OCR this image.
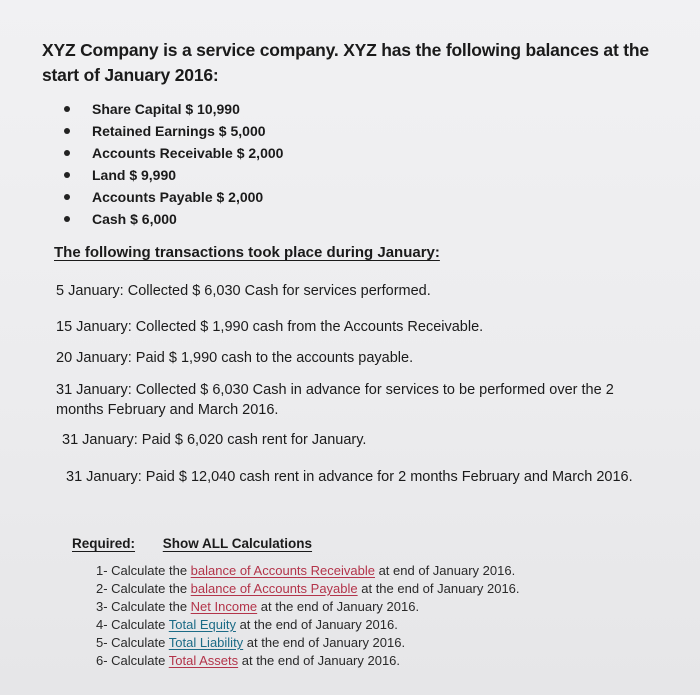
XYZ Company is a service company. XYZ has the following balances at the start of January 2016:
Share Capital $ 10,990
Retained Earnings $ 5,000
Accounts Receivable $ 2,000
Land $ 9,990
Accounts Payable $ 2,000
Cash $ 6,000
The following transactions took place during January:
5 January: Collected $ 6,030 Cash for services performed.
15 January: Collected $ 1,990 cash from the Accounts Receivable.
20 January: Paid $ 1,990 cash to the accounts payable.
31 January: Collected $ 6,030 Cash in advance for services to be performed over the 2 months February and March 2016.
31 January: Paid $ 6,020 cash rent for January.
31 January: Paid $ 12,040 cash rent in advance for 2 months February and March 2016.
Required: Show ALL Calculations
1- Calculate the balance of Accounts Receivable at end of January 2016.
2- Calculate the balance of Accounts Payable at the end of January 2016.
3- Calculate the Net Income at the end of January 2016.
4- Calculate Total Equity at the end of January 2016.
5- Calculate Total Liability at the end of January 2016.
6- Calculate Total Assets at the end of January 2016.
